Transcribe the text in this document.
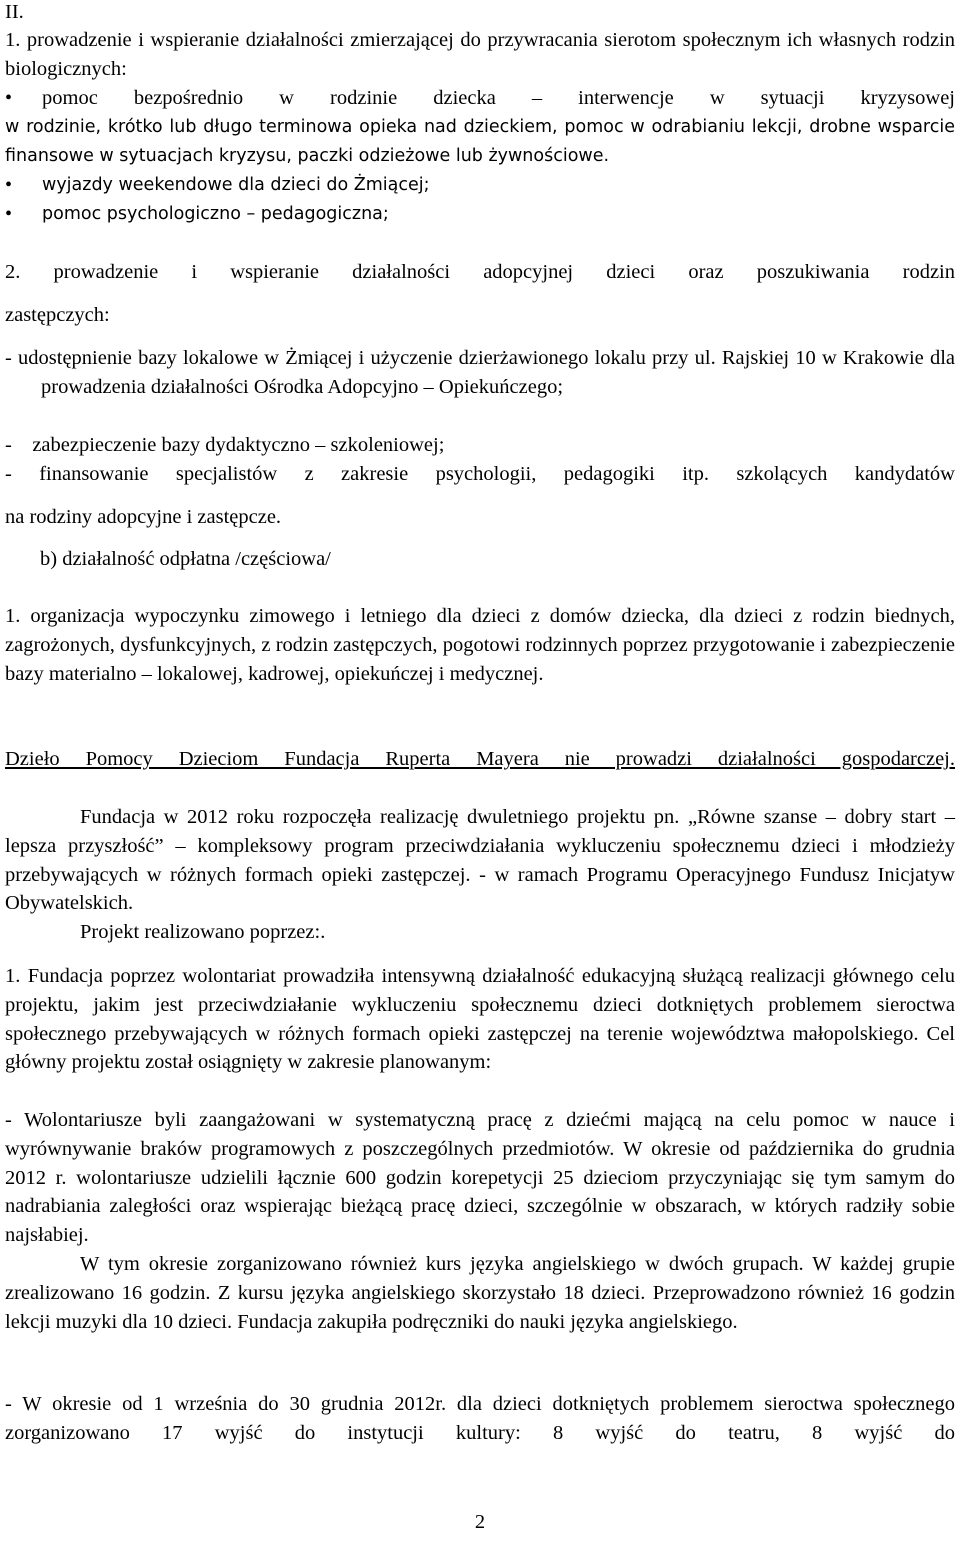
II.

1. prowadzenie i wspieranie działalności zmierzającej do przywracania sierotom społecznym ich własnych rodzin biologicznych:

• pomoc bezpośrednio w rodzinie dziecka – interwencje w sytuacji kryzysowej

w rodzinie, krótko lub długo terminowa opieka nad dzieckiem, pomoc w odrabianiu lekcji, drobne wsparcie finansowe w sytuacjach kryzysu, paczki odzieżowe lub żywnościowe.

• wyjazdy weekendowe dla dzieci do Żmiącej;

• pomoc psychologiczno – pedagogiczna;

2. prowadzenie i wspieranie działalności adopcyjnej dzieci oraz poszukiwania rodzin

zastępczych:

- udostępnienie bazy lokalowe w Żmiącej i użyczenie dzierżawionego lokalu przy ul. Rajskiej 10 w Krakowie dla prowadzenia działalności Ośrodka Adopcyjno – Opiekuńczego;

-    zabezpieczenie bazy dydaktyczno – szkoleniowej;

- finansowanie specjalistów z zakresie psychologii, pedagogiki itp. szkolących kandydatów

na rodziny adopcyjne i zastępcze.

b) działalność odpłatna /częściowa/

1. organizacja wypoczynku zimowego i letniego dla dzieci z domów dziecka, dla dzieci z rodzin biednych, zagrożonych, dysfunkcyjnych, z rodzin zastępczych, pogotowi rodzinnych poprzez przygotowanie i zabezpieczenie bazy materialno – lokalowej, kadrowej, opiekuńczej i medycznej.

Dzieło Pomocy Dzieciom Fundacja Ruperta Mayera nie prowadzi działalności gospodarczej.

Fundacja w 2012 roku rozpoczęła realizację dwuletniego projektu pn. „Równe szanse – dobry start – lepsza przyszłość” – kompleksowy program przeciwdziałania wykluczeniu społecznemu dzieci i młodzieży przebywających w różnych formach opieki zastępczej. - w ramach Programu Operacyjnego Fundusz Inicjatyw Obywatelskich.

Projekt realizowano poprzez:.

1. Fundacja poprzez wolontariat prowadziła intensywną działalność edukacyjną służącą realizacji głównego celu projektu, jakim jest przeciwdziałanie wykluczeniu społecznemu dzieci dotkniętych problemem sieroctwa społecznego przebywających w różnych formach opieki zastępczej na terenie województwa małopolskiego. Cel główny projektu został osiągnięty w zakresie planowanym:

- Wolontariusze byli zaangażowani w systematyczną pracę z dziećmi mającą na celu pomoc w nauce i wyrównywanie braków programowych z poszczególnych przedmiotów. W okresie od października do grudnia 2012 r. wolontariusze udzielili łącznie 600 godzin korepetycji 25 dzieciom przyczyniając się tym samym do nadrabiania zaległości oraz wspierając bieżącą pracę dzieci, szczególnie w obszarach, w których radziły sobie najsłabiej.

W tym okresie zorganizowano również kurs języka angielskiego w dwóch grupach. W każdej grupie zrealizowano 16 godzin. Z kursu języka angielskiego skorzystało 18 dzieci. Przeprowadzono również 16 godzin lekcji muzyki dla 10 dzieci. Fundacja zakupiła podręczniki do nauki języka angielskiego.

- W okresie od 1 września do 30 grudnia 2012r. dla dzieci dotkniętych problemem sieroctwa społecznego zorganizowano 17 wyjść do instytucji kultury: 8 wyjść do teatru, 8 wyjść do

2
